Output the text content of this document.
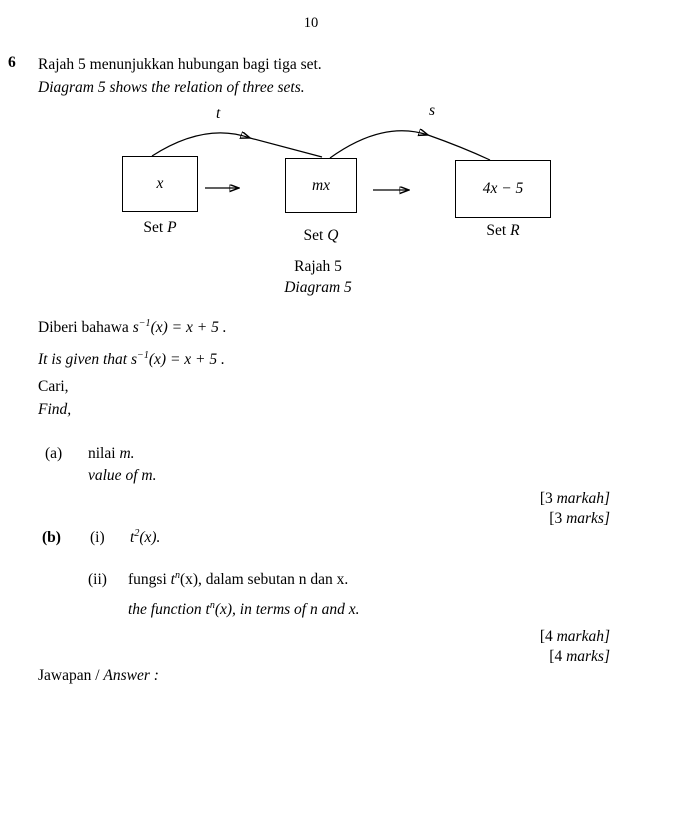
10
6	Rajah 5 menunjukkan hubungan bagi tiga set.

Diagram 5 shows the relation of three sets.

t	s
x	mx	4x − 5
Set P	Set Q	Set R

Rajah 5

Diagram 5

Diberi bahawa $s^{-1}(x) = x + 5$ .

It is given that $s^{-1}(x) = x + 5$ .

Cari,

Find,

(a)	nilai m.

value of m.

[3 markah]

[3 marks]

(b)	(i)	$t^2(x)$.

(ii)	fungsi $t^n(x)$, dalam sebutan n dan x.

the function $t^n(x)$, in terms of n and x.

[4 markah]

[4 marks]

Jawapan / Answer :
